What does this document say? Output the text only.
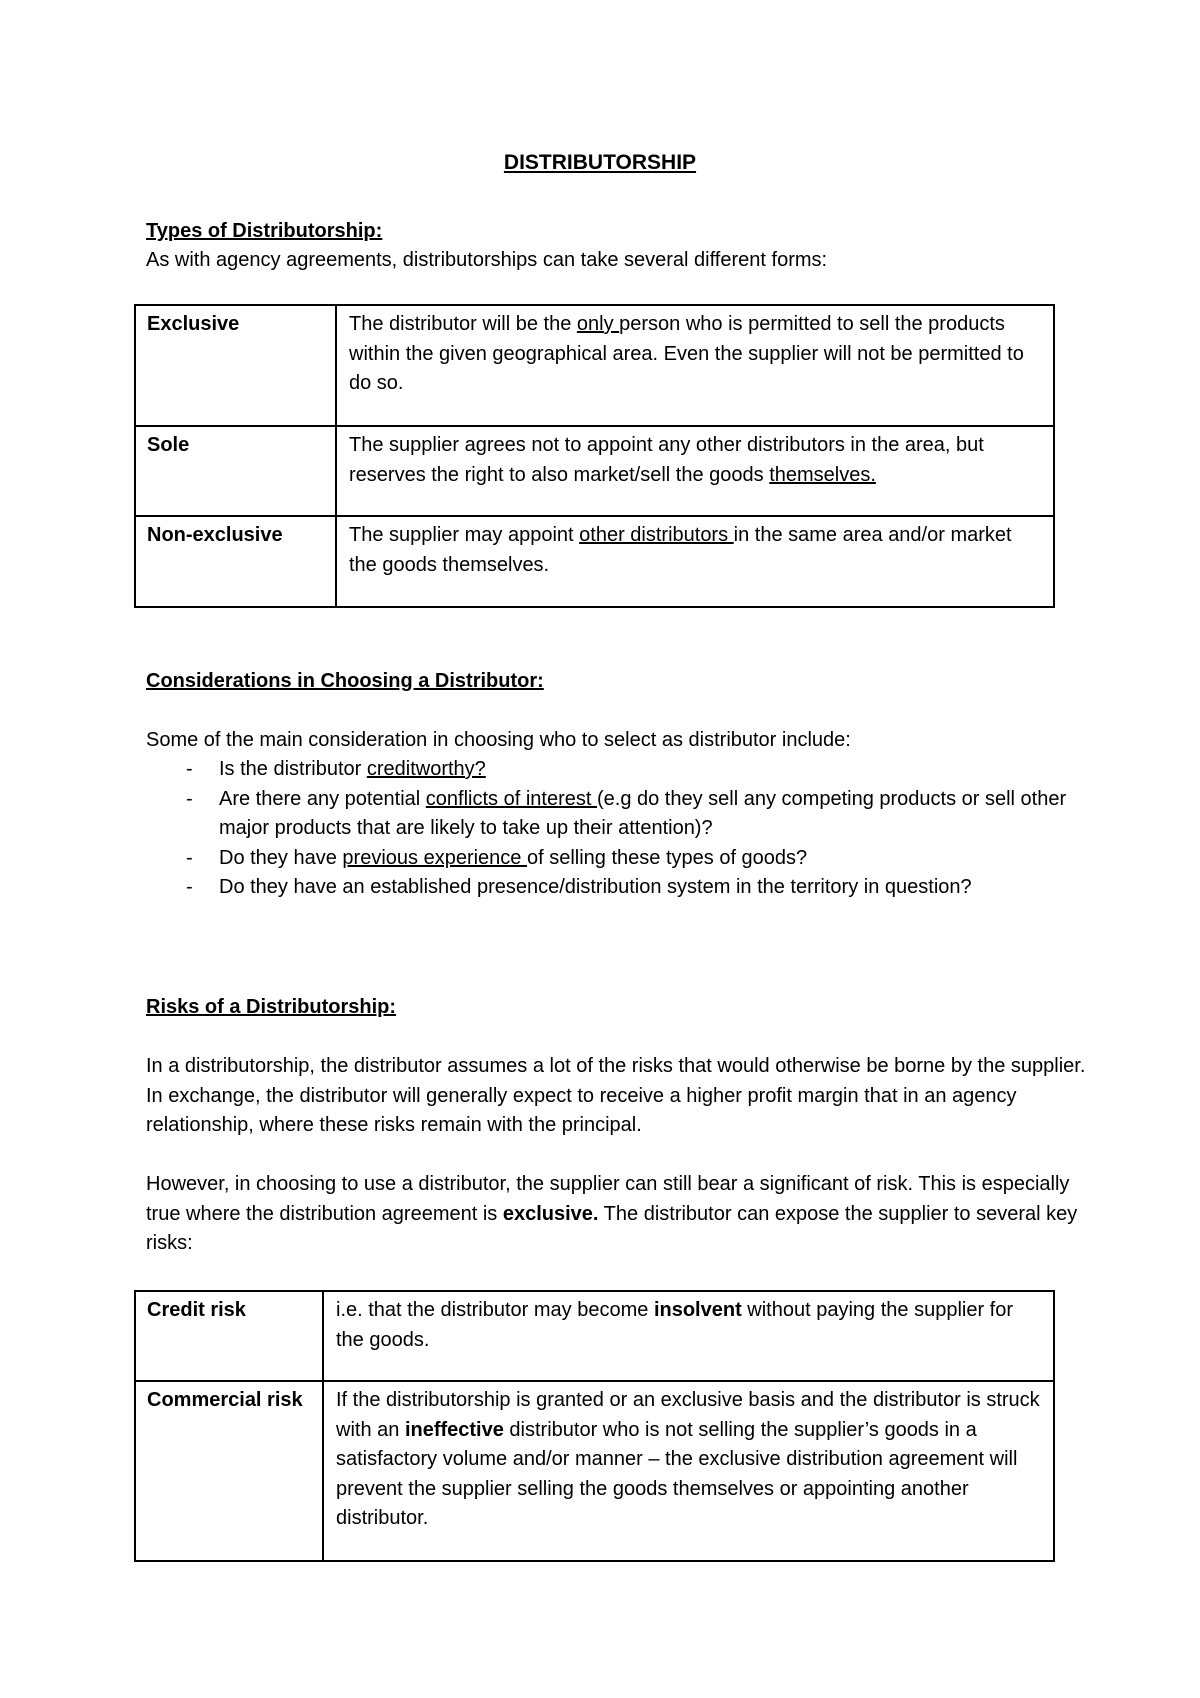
DISTRIBUTORSHIP
Types of Distributorship:
As with agency agreements, distributorships can take several different forms:
Exclusive	The distributor will be the only person who is permitted to sell the products within the given geographical area. Even the supplier will not be permitted to do so.
Sole	The supplier agrees not to appoint any other distributors in the area, but reserves the right to also market/sell the goods themselves.
Non-exclusive	The supplier may appoint other distributors in the same area and/or market the goods themselves.
Considerations in Choosing a Distributor:
Some of the main consideration in choosing who to select as distributor include:
- Is the distributor creditworthy?
- Are there any potential conflicts of interest (e.g do they sell any competing products or sell other major products that are likely to take up their attention)?
- Do they have previous experience of selling these types of goods?
- Do they have an established presence/distribution system in the territory in question?
Risks of a Distributorship:
In a distributorship, the distributor assumes a lot of the risks that would otherwise be borne by the supplier. In exchange, the distributor will generally expect to receive a higher profit margin that in an agency relationship, where these risks remain with the principal.
However, in choosing to use a distributor, the supplier can still bear a significant of risk. This is especially true where the distribution agreement is exclusive. The distributor can expose the supplier to several key risks:
Credit risk	i.e. that the distributor may become insolvent without paying the supplier for the goods.
Commercial risk	If the distributorship is granted or an exclusive basis and the distributor is struck with an ineffective distributor who is not selling the supplier’s goods in a satisfactory volume and/or manner – the exclusive distribution agreement will prevent the supplier selling the goods themselves or appointing another distributor.
